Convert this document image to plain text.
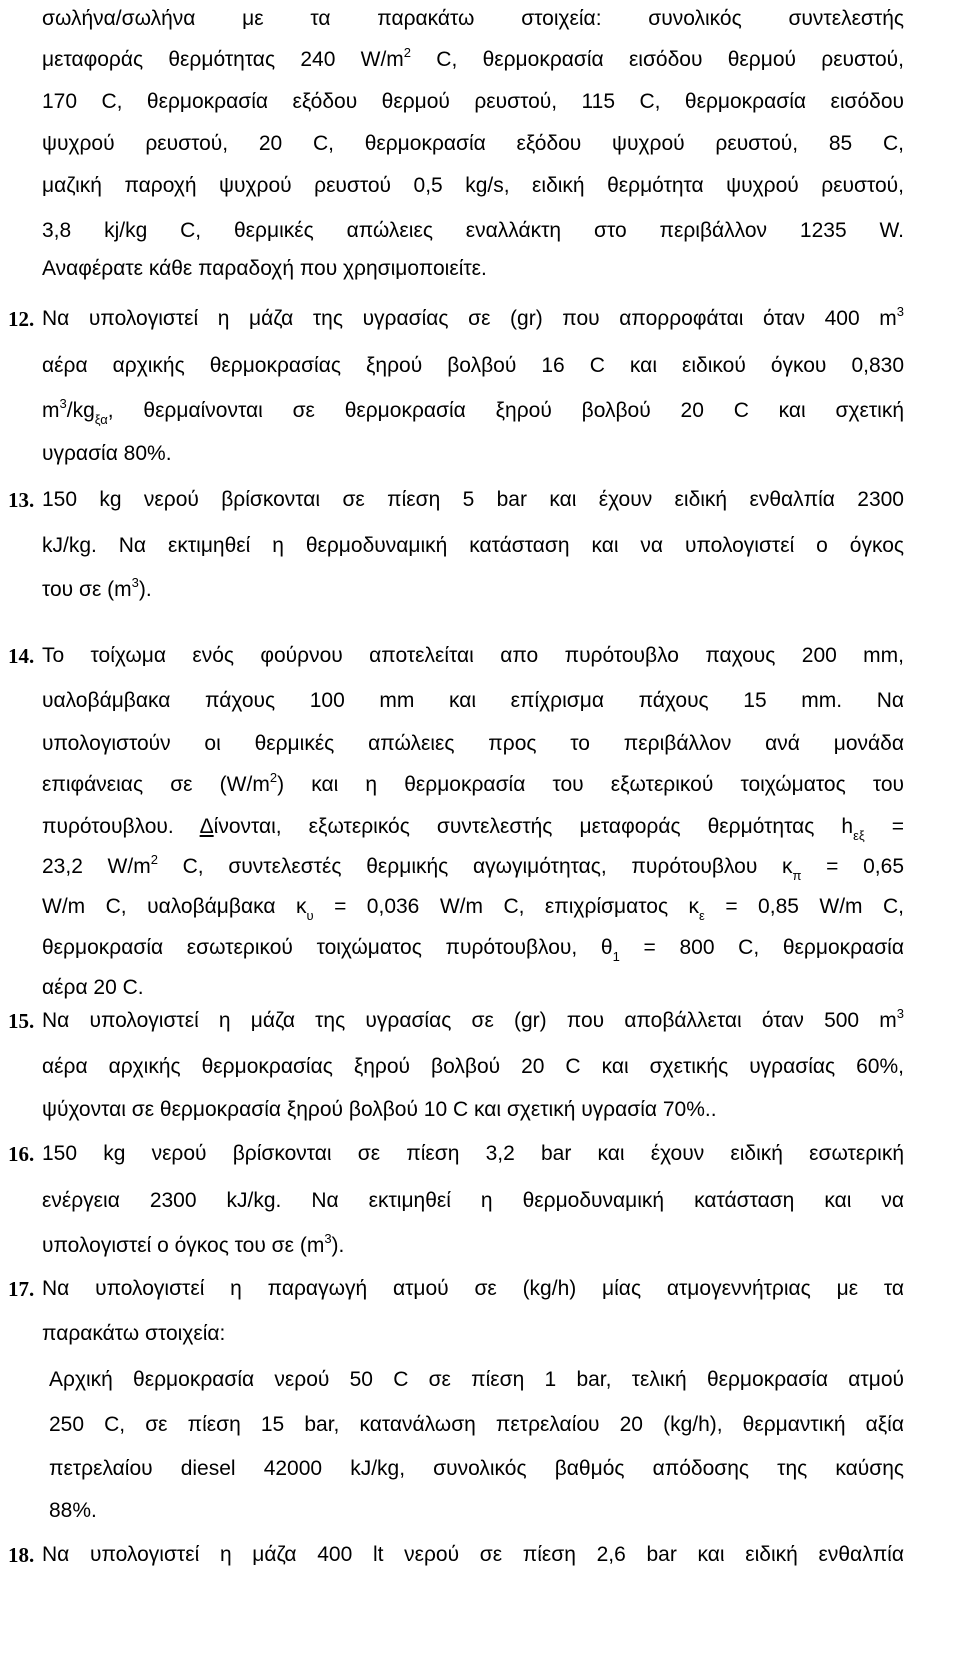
σωλήνα/σωλήνα με τα παρακάτω στοιχεία: συνολικός συντελεστής
μεταφοράς θερμότητας 240 $W/m^2$ C, θερμοκρασία εισόδου θερμού ρευστού,
170 C, θερμοκρασία εξόδου θερμού ρευστού, 115 C, θερμοκρασία εισόδου
ψυχρού ρευστού, 20 C, θερμοκρασία εξόδου ψυχρού ρευστού, 85 C,
μαζική παροχή ψυχρού ρευστού 0,5 kg/s, ειδική θερμότητα ψυχρού ρευστού,
3,8 kj/kg C, θερμικές απώλειες εναλλάκτη στο περιβάλλον 1235 W.
Αναφέρατε κάθε παραδοχή που χρησιμοποιείτε.
12. Να υπολογιστεί η μάζα της υγρασίας σε (gr) που απορροφάται όταν 400 $m^3$
αέρα αρχικής θερμοκρασίας ξηρού βολβού 16 C και ειδικού όγκου 0,830
$m^3/kg_{\xi\alpha}$, θερμαίνονται σε θερμοκρασία ξηρού βολβού 20 C και σχετική
υγρασία 80%.
13. 150 kg νερού βρίσκονται σε πίεση 5 bar και έχουν ειδική ενθαλπία 2300
kJ/kg. Να εκτιμηθεί η θερμοδυναμική κατάσταση και να υπολογιστεί ο όγκος
του σε $(m^3)$.
14. Το τοίχωμα ενός φούρνου αποτελείται απο πυρότουβλο παχους 200 mm,
υαλοβάμβακα πάχους 100 mm και επίχρισμα πάχους 15 mm. Να
υπολογιστούν οι θερμικές απώλειες προς το περιβάλλον ανά μονάδα
επιφάνειας σε $(W/m^2)$ και η θερμοκρασία του εξωτερικού τοιχώματος του
πυρότουβλου. Δίνονται, εξωτερικός συντελεστής μεταφοράς θερμότητας $h_{\varepsilon\xi}$ =
23,2 $W/m^2$ C, συντελεστές θερμικής αγωγιμότητας, πυρότουβλου $\kappa_\pi = 0,65$
W/m C, υαλοβάμβακα $\kappa_\upsilon = 0,036$ W/m C, επιχρίσματος $\kappa_\varepsilon = 0,85$ W/m C,
θερμοκρασία εσωτερικού τοιχώματος πυρότουβλου, $\theta_1 = 800$ C, θερμοκρασία
αέρα 20 C.
15. Να υπολογιστεί η μάζα της υγρασίας σε (gr) που αποβάλλεται όταν 500 $m^3$
αέρα αρχικής θερμοκρασίας ξηρού βολβού 20 C και σχετικής υγρασίας 60%,
ψύχονται σε θερμοκρασία ξηρού βολβού 10 C και σχετική υγρασία 70%..
16. 150 kg νερού βρίσκονται σε πίεση 3,2 bar και έχουν ειδική εσωτερική
ενέργεια 2300 kJ/kg. Να εκτιμηθεί η θερμοδυναμική κατάσταση και να
υπολογιστεί ο όγκος του σε $(m^3)$.
17. Να υπολογιστεί η παραγωγή ατμού σε (kg/h) μίας ατμογεννήτριας με τα
παρακάτω στοιχεία:
Αρχική θερμοκρασία νερού 50 C σε πίεση 1 bar, τελική θερμοκρασία ατμού
250 C, σε πίεση 15 bar, κατανάλωση πετρελαίου 20 (kg/h), θερμαντική αξία
πετρελαίου diesel 42000 kJ/kg, συνολικός βαθμός απόδοσης της καύσης
88%.
18. Να υπολογιστεί η μάζα 400 lt νερού σε πίεση 2,6 bar και ειδική ενθαλπία
